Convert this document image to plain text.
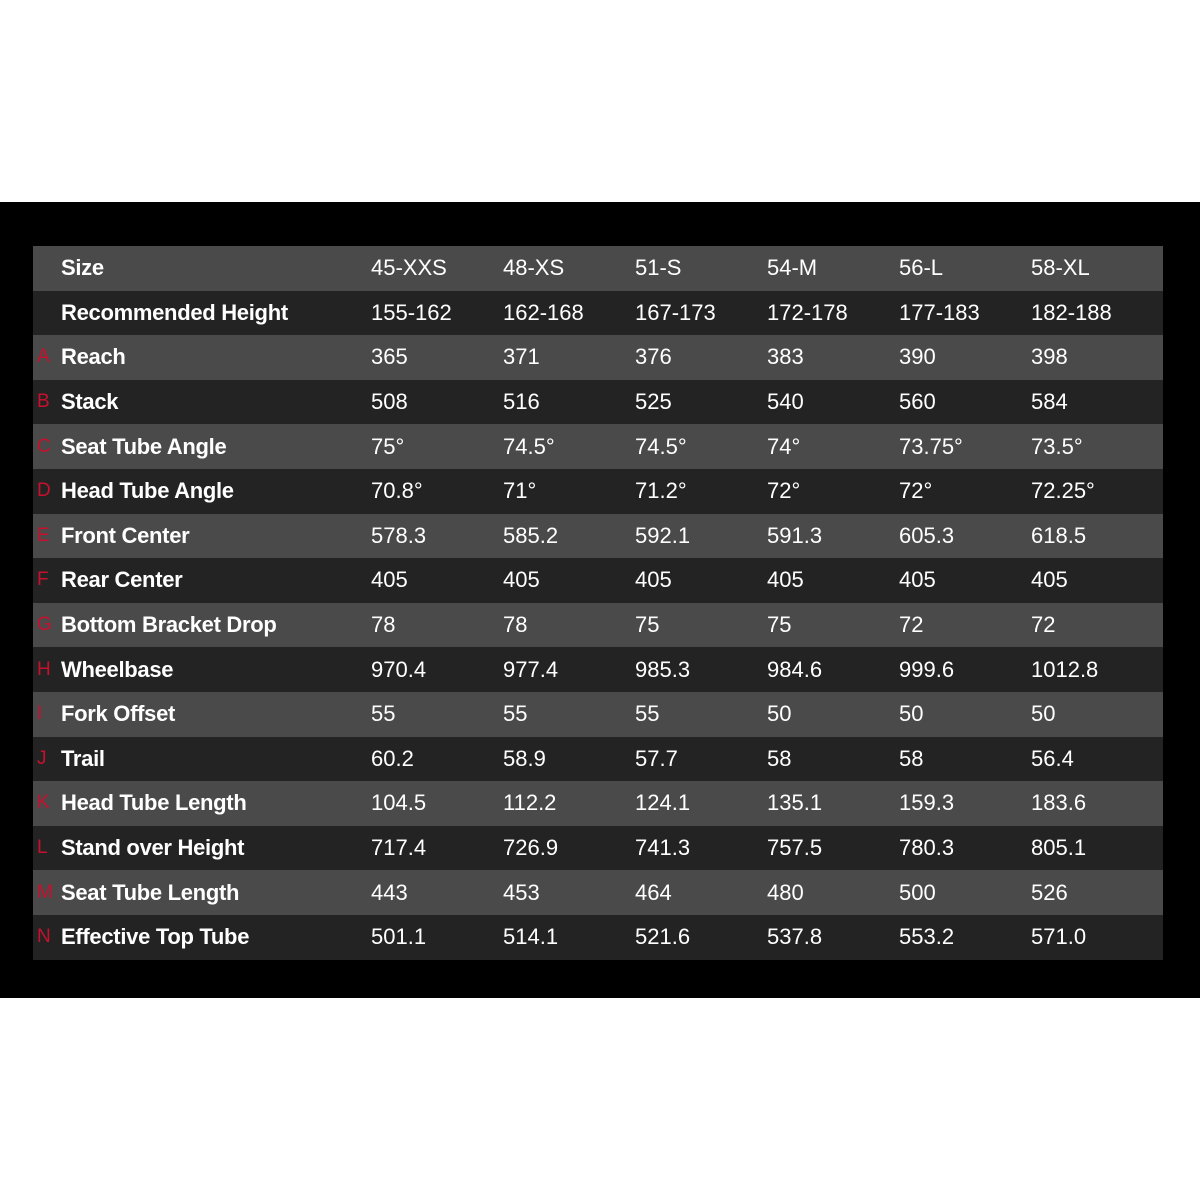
	Size	45-XXS	48-XS	51-S	54-M	56-L	58-XL
	Recommended Height	155-162	162-168	167-173	172-178	177-183	182-188
A	Reach	365	371	376	383	390	398
B	Stack	508	516	525	540	560	584
C	Seat Tube Angle	75°	74.5°	74.5°	74°	73.75°	73.5°
D	Head Tube Angle	70.8°	71°	71.2°	72°	72°	72.25°
E	Front Center	578.3	585.2	592.1	591.3	605.3	618.5
F	Rear Center	405	405	405	405	405	405
G	Bottom Bracket Drop	78	78	75	75	72	72
H	Wheelbase	970.4	977.4	985.3	984.6	999.6	1012.8
I	Fork Offset	55	55	55	50	50	50
J	Trail	60.2	58.9	57.7	58	58	56.4
K	Head Tube Length	104.5	112.2	124.1	135.1	159.3	183.6
L	Stand over Height	717.4	726.9	741.3	757.5	780.3	805.1
M	Seat Tube Length	443	453	464	480	500	526
N	Effective Top Tube	501.1	514.1	521.6	537.8	553.2	571.0
